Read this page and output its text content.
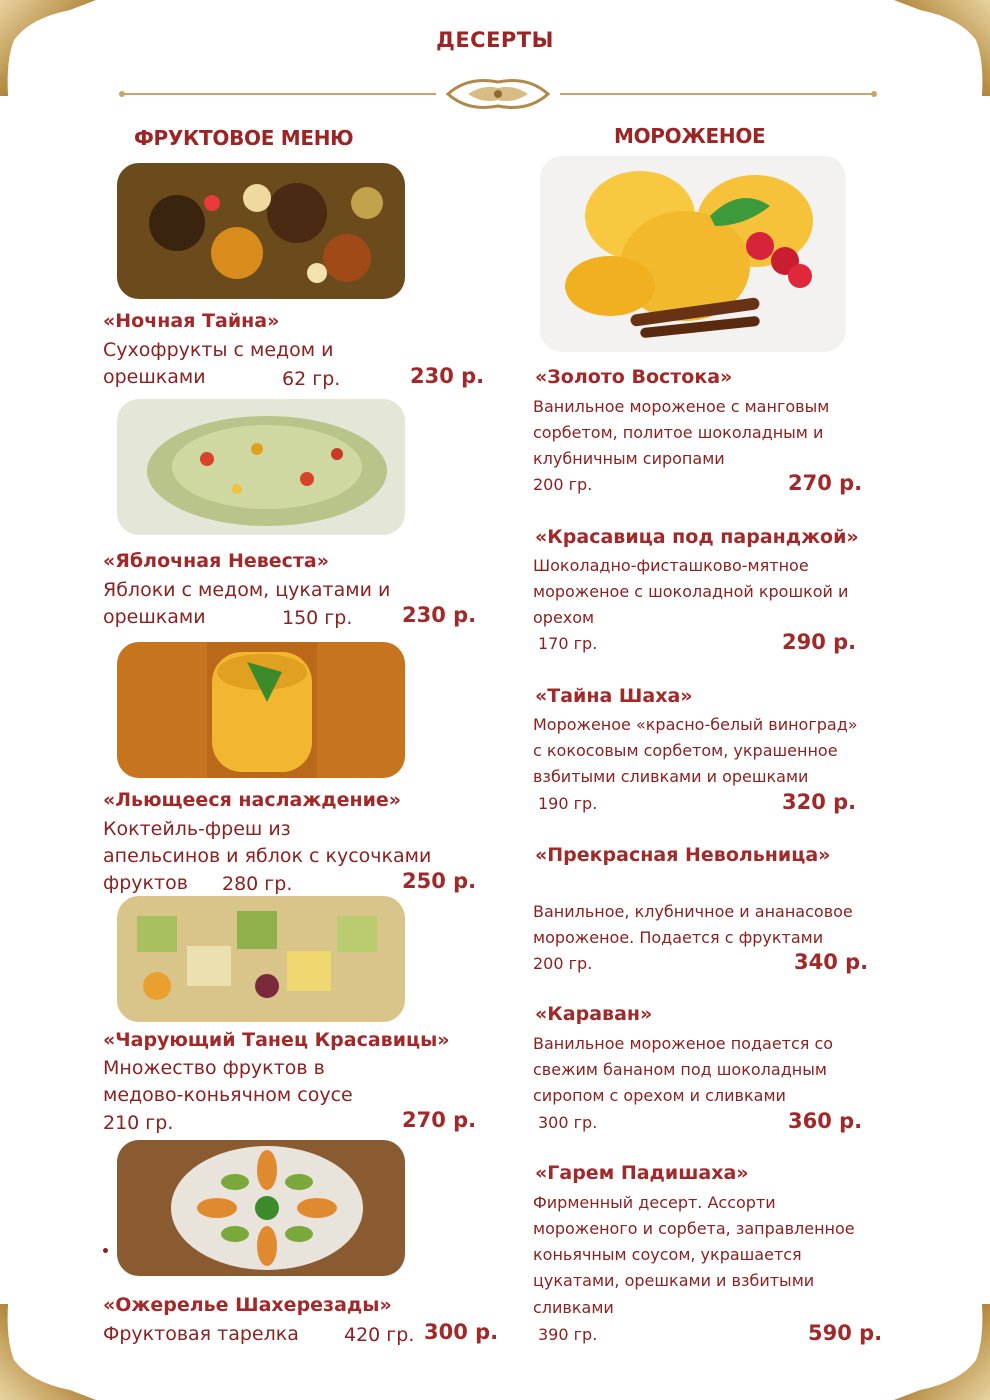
ДЕСЕРТЫ
ФРУКТОВОЕ МЕНЮ	МОРОЖЕНОЕ
«Ночная Тайна»
Сухофрукты с медом и
орешками	62 гр.	230 р.
«Яблочная Невеста»
Яблоки с медом, цукатами и
орешками	150 гр. 230 р.
«Льющееся наслаждение»
Коктейль-фреш из
апельсинов и яблок с кусочками
фруктов 280 гр.	250 р.
«Чарующий Танец Красавицы»
Множество фруктов в
медово-коньячном соусе
210 гр.	270 р.
«Ожерелье Шахерезады»
Фруктовая тарелка 420 гр. 300 р.
«Золото Востока»
Ванильное мороженое с манговым
сорбетом, политое шоколадным и
клубничным сиропами
200 гр.	270 р.
«Красавица под паранджой»
Шоколадно-фисташково-мятное
мороженое с шоколадной крошкой и
орехом
170 гр.	290 р.
«Тайна Шаха»
Мороженое «красно-белый виноград»
с кокосовым сорбетом, украшенное
взбитыми сливками и орешками
190 гр.	320 р.
«Прекрасная Невольница»
Ванильное, клубничное и ананасовое
мороженое. Подается с фруктами
200 гр.	340 р.
«Караван»
Ванильное мороженое подается со
свежим бананом под шоколадным
сиропом с орехом и сливками
300 гр.	360 р.
«Гарем Падишаха»
Фирменный десерт. Ассорти
мороженого и сорбета, заправленное
коньячным соусом, украшается
цукатами, орешками и взбитыми
сливками
390 гр.	590 р.
